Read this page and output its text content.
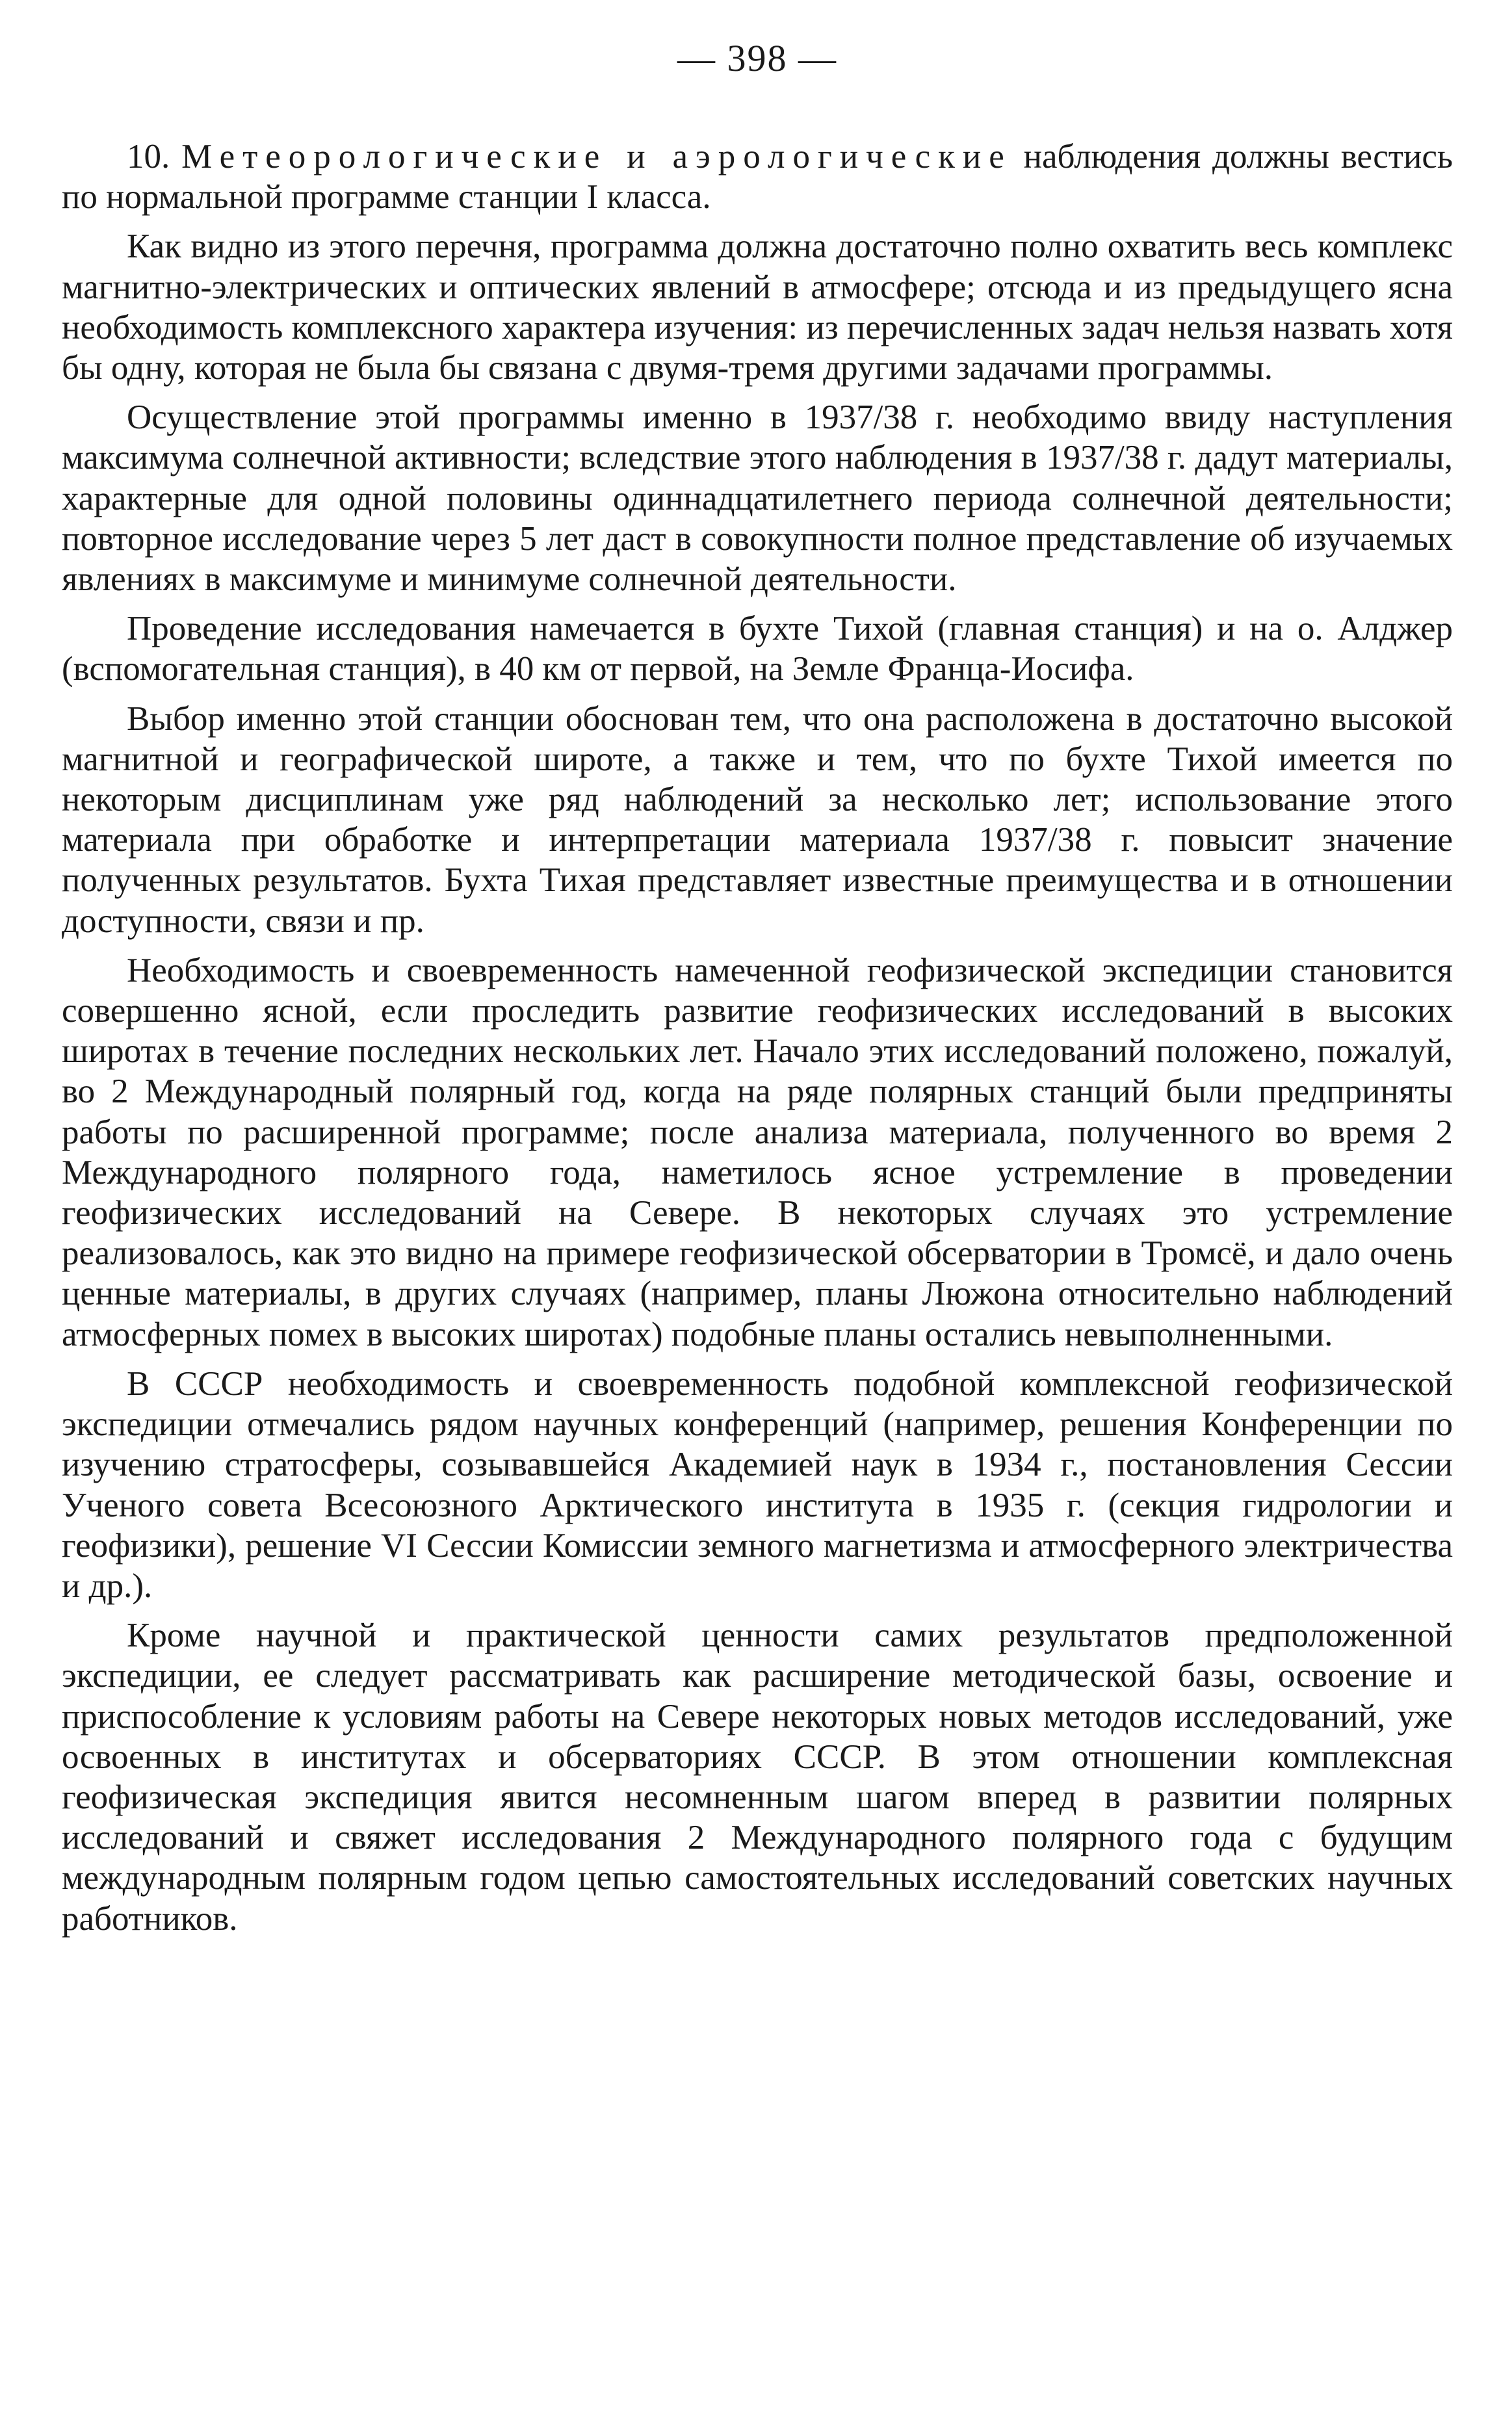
— 398 —

10. Метеорологические и аэрологические наблюдения должны вестись по нормальной программе станции I класса.

Как видно из этого перечня, программа должна достаточно полно охватить весь комплекс магнитно-электрических и оптических явлений в атмосфере; отсюда и из предыдущего ясна необходимость комплексного характера изучения: из перечисленных задач нельзя назвать хотя бы одну, которая не была бы связана с двумя-тремя другими задачами программы.

Осуществление этой программы именно в 1937/38 г. необходимо ввиду наступления максимума солнечной активности; вследствие этого наблюдения в 1937/38 г. дадут материалы, характерные для одной половины одиннадцатилетнего периода солнечной деятельности; повторное исследование через 5 лет даст в совокупности полное представление об изучаемых явлениях в максимуме и минимуме солнечной деятельности.

Проведение исследования намечается в бухте Тихой (главная станция) и на о. Алджер (вспомогательная станция), в 40 км от первой, на Земле Франца-Иосифа.

Выбор именно этой станции обоснован тем, что она расположена в достаточно высокой магнитной и географической широте, а также и тем, что по бухте Тихой имеется по некоторым дисциплинам уже ряд наблюдений за несколько лет; использование этого материала при обработке и интерпретации материала 1937/38 г. повысит значение полученных результатов. Бухта Тихая представляет известные преимущества и в отношении доступности, связи и пр.

Необходимость и своевременность намеченной геофизической экспедиции становится совершенно ясной, если проследить развитие геофизических исследований в высоких широтах в течение последних нескольких лет. Начало этих исследований положено, пожалуй, во 2 Международный полярный год, когда на ряде полярных станций были предприняты работы по расширенной программе; после анализа материала, полученного во время 2 Международного полярного года, наметилось ясное устремление в проведении геофизических исследований на Севере. В некоторых случаях это устремление реализовалось, как это видно на примере геофизической обсерватории в Тромсё, и дало очень ценные материалы, в других случаях (например, планы Люжона относительно наблюдений атмосферных помех в высоких широтах) подобные планы остались невыполненными.

В СССР необходимость и своевременность подобной комплексной геофизической экспедиции отмечались рядом научных конференций (например, решения Конференции по изучению стратосферы, созывавшейся Академией наук в 1934 г., постановления Сессии Ученого совета Всесоюзного Арктического института в 1935 г. (секция гидрологии и геофизики), решение VI Сессии Комиссии земного магнетизма и атмосферного электричества и др.).

Кроме научной и практической ценности самих результатов предположенной экспедиции, ее следует рассматривать как расширение методической базы, освоение и приспособление к условиям работы на Севере некоторых новых методов исследований, уже освоенных в институтах и обсерваториях СССР. В этом отношении комплексная геофизическая экспедиция явится несомненным шагом вперед в развитии полярных исследований и свяжет исследования 2 Международного полярного года с будущим международным полярным годом цепью самостоятельных исследований советских научных работников.
